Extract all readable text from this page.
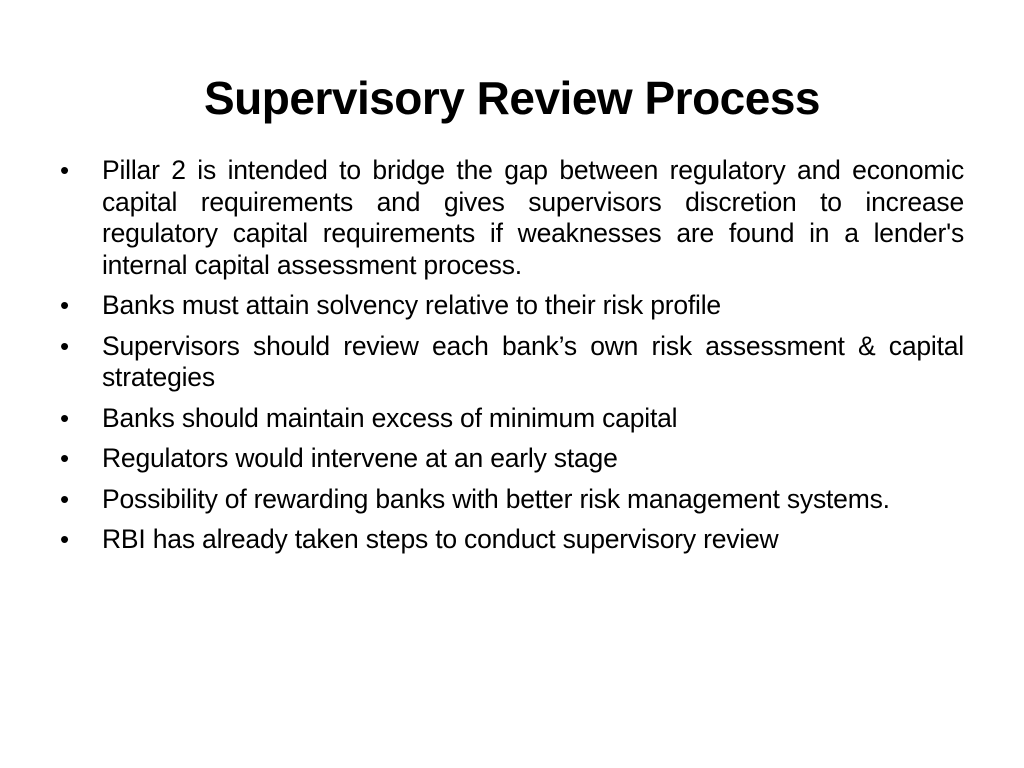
Supervisory Review Process
• Pillar 2 is intended to bridge the gap between regulatory and economic capital requirements and gives supervisors discretion to increase regulatory capital requirements if weaknesses are found in a lender's internal capital assessment process.
• Banks must attain solvency relative to their risk profile
• Supervisors should review each bank’s own risk assessment & capital strategies
• Banks should maintain excess of minimum capital
• Regulators would intervene at an early stage
• Possibility of rewarding banks with better risk management systems.
• RBI has already taken steps to conduct supervisory review
